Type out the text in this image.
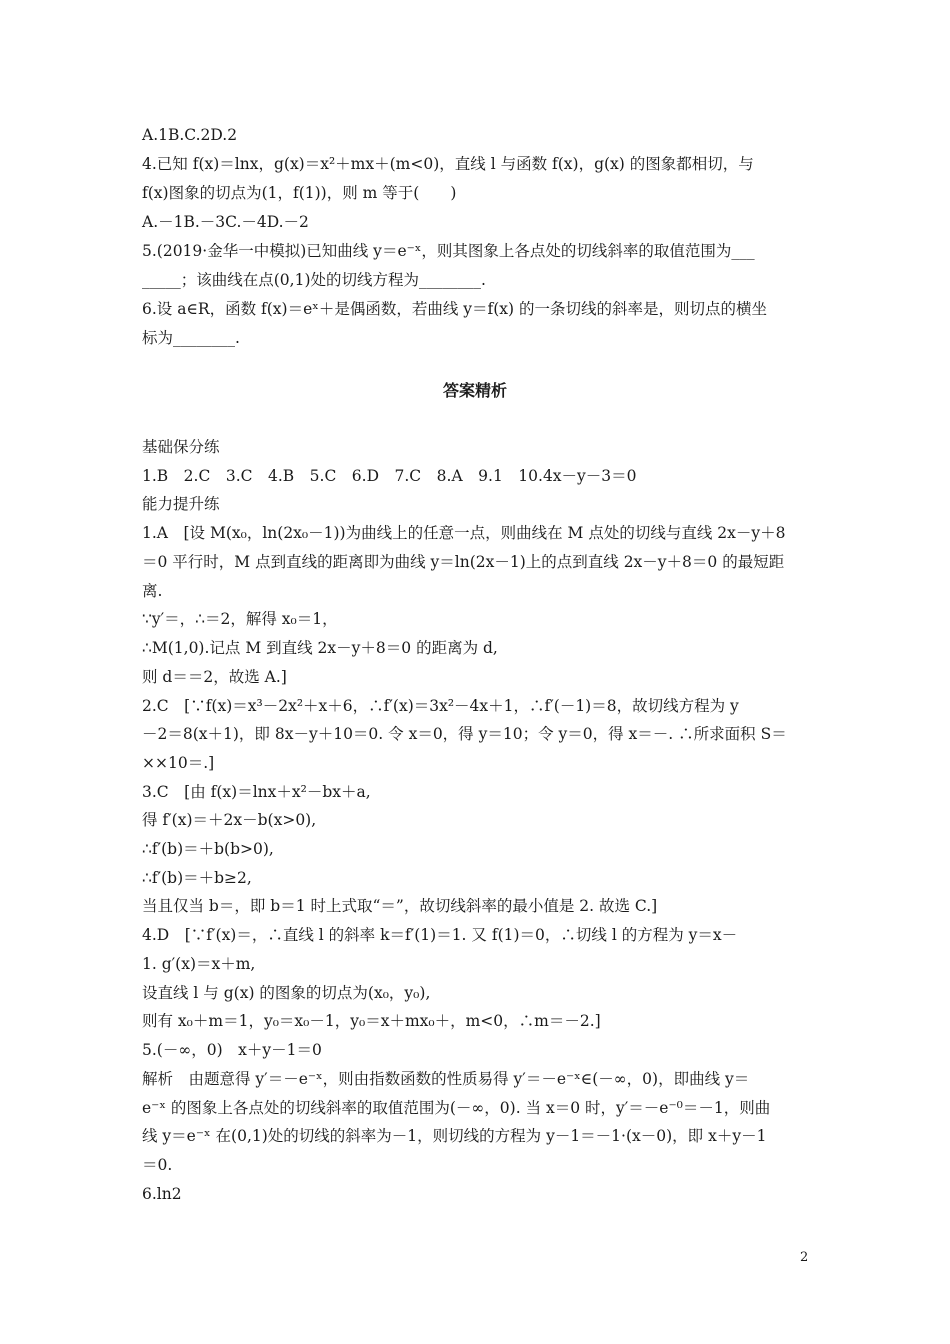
A.1B.C.2D.2
4.已知 f(x)＝lnx，g(x)＝x²＋mx＋(m<0)，直线 l 与函数 f(x)，g(x) 的图象都相切，与
f(x)图象的切点为(1，f(1))，则 m 等于(　　)
A.－1B.－3C.－4D.－2
5.(2019·金华一中模拟)已知曲线 y＝e⁻ˣ，则其图象上各点处的切线斜率的取值范围为___
_____；该曲线在点(0,1)处的切线方程为________.
6.设 a∈R，函数 f(x)＝eˣ＋是偶函数，若曲线 y＝f(x) 的一条切线的斜率是，则切点的横坐
标为________.
答案精析
基础保分练
1.B　2.C　3.C　4.B　5.C　6.D　7.C　8.A　9.1　10.4x－y－3＝0
能力提升练
1.A　[设 M(x₀，ln(2x₀－1))为曲线上的任意一点，则曲线在 M 点处的切线与直线 2x－y＋8
＝0 平行时，M 点到直线的距离即为曲线 y＝ln(2x－1)上的点到直线 2x－y＋8＝0 的最短距
离.
∵y′＝，∴＝2，解得 x₀＝1，
∴M(1,0).记点 M 到直线 2x－y＋8＝0 的距离为 d,
则 d＝＝2，故选 A.]
2.C　[∵f(x)＝x³－2x²＋x＋6，∴f′(x)＝3x²－4x＋1，∴f′(－1)＝8，故切线方程为 y
－2＝8(x＋1)，即 8x－y＋10＝0. 令 x＝0，得 y＝10；令 y＝0，得 x＝－. ∴所求面积 S＝
××10＝.]
3.C　[由 f(x)＝lnx＋x²－bx＋a,
得 f′(x)＝＋2x－b(x>0),
∴f′(b)＝＋b(b>0),
∴f′(b)＝＋b≥2,
当且仅当 b＝，即 b＝1 时上式取“＝”，故切线斜率的最小值是 2. 故选 C.]
4.D　[∵f′(x)＝，∴直线 l 的斜率 k＝f′(1)＝1. 又 f(1)＝0，∴切线 l 的方程为 y＝x－
1. g′(x)＝x＋m,
设直线 l 与 g(x) 的图象的切点为(x₀，y₀),
则有 x₀＋m＝1，y₀＝x₀－1，y₀＝x＋mx₀＋，m<0，∴m＝－2.]
5.(－∞，0)　x＋y－1＝0
解析　由题意得 y′＝－e⁻ˣ，则由指数函数的性质易得 y′＝－e⁻ˣ∈(－∞，0)，即曲线 y＝
e⁻ˣ 的图象上各点处的切线斜率的取值范围为(－∞，0). 当 x＝0 时，y′＝－e⁻⁰＝－1，则曲
线 y＝e⁻ˣ 在(0,1)处的切线的斜率为－1，则切线的方程为 y－1＝－1·(x－0)，即 x＋y－1
＝0.
6.ln2
2
